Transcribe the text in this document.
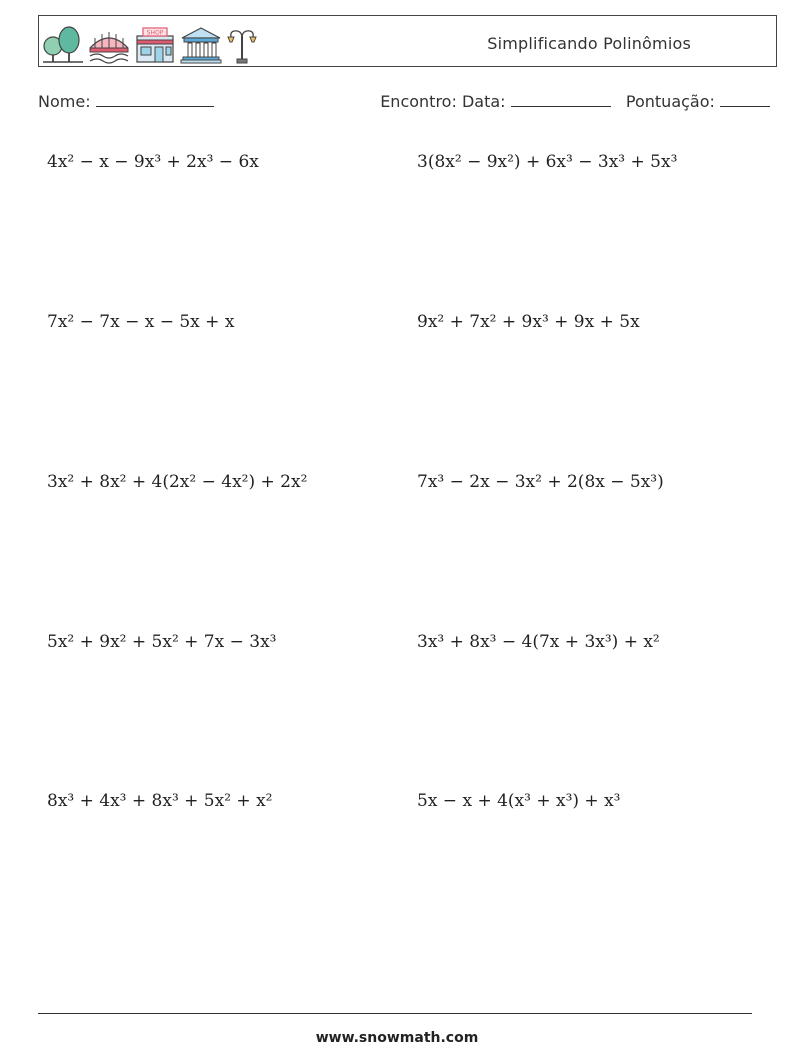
SHOP
Simplificando Polinômios
Nome:	Encontro: Data:	Pontuação:
4x² − x − 9x³ + 2x³ − 6x	3(8x² − 9x²) + 6x³ − 3x³ + 5x³
7x² − 7x − x − 5x + x	9x² + 7x² + 9x³ + 9x + 5x
3x² + 8x² + 4(2x² − 4x²) + 2x²	7x³ − 2x − 3x² + 2(8x − 5x³)
5x² + 9x² + 5x² + 7x − 3x³	3x³ + 8x³ − 4(7x + 3x³) + x²
8x³ + 4x³ + 8x³ + 5x² + x²	5x − x + 4(x³ + x³) + x³
www.snowmath.com
